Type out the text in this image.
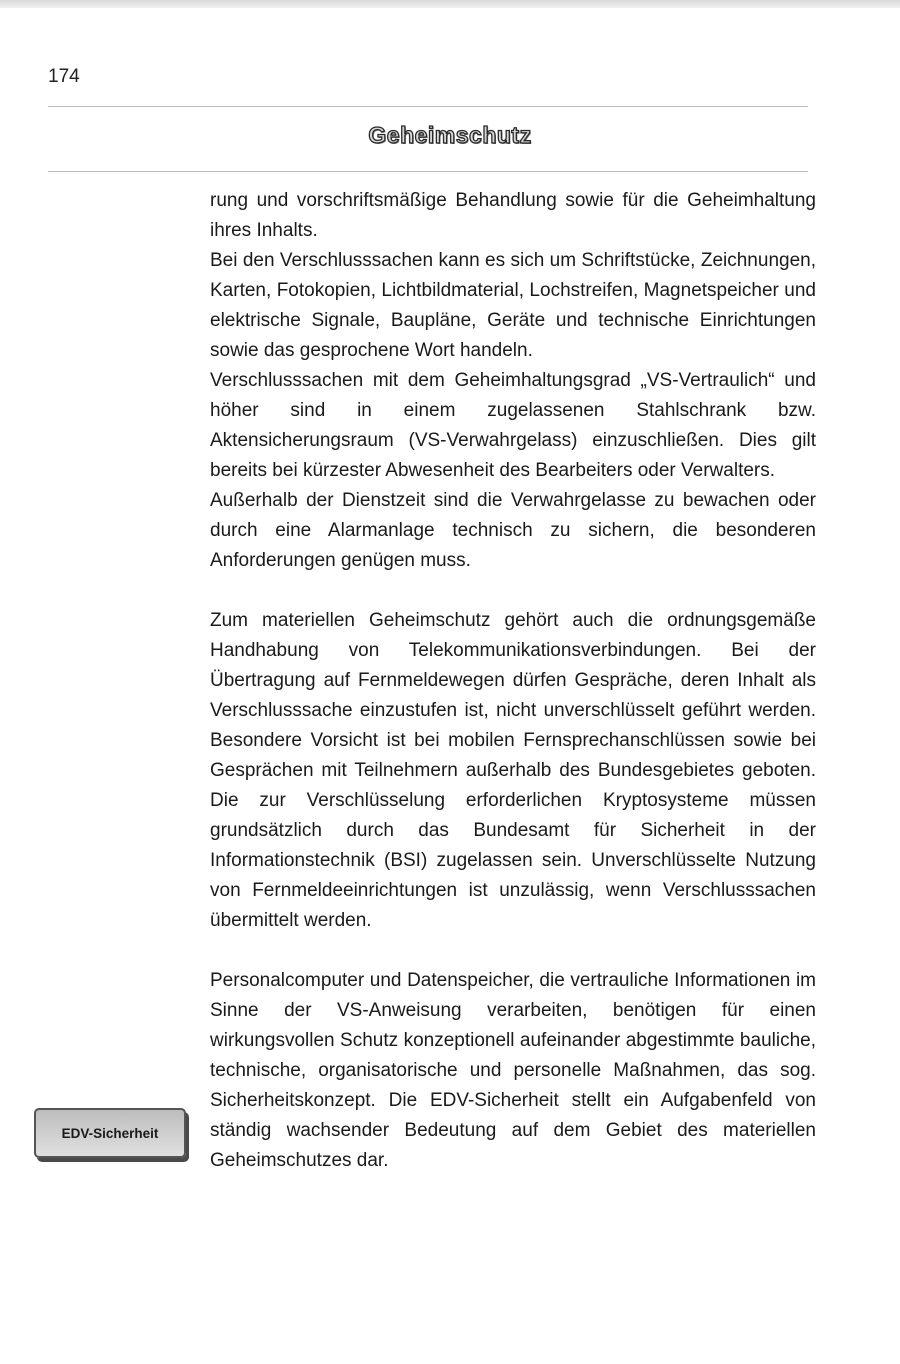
174
Geheimschutz

rung und vorschriftsmäßige Behandlung sowie für die Geheimhaltung ihres Inhalts.

Bei den Verschlusssachen kann es sich um Schriftstücke, Zeichnungen, Karten, Fotokopien, Lichtbildmaterial, Lochstreifen, Magnetspeicher und elektrische Signale, Baupläne, Geräte und technische Einrichtungen sowie das gesprochene Wort handeln.

Verschlusssachen mit dem Geheimhaltungsgrad „VS-Vertraulich“ und höher sind in einem zugelassenen Stahlschrank bzw. Aktensicherungsraum (VS-Verwahrgelass) einzuschließen. Dies gilt bereits bei kürzester Abwesenheit des Bearbeiters oder Verwalters.

Außerhalb der Dienstzeit sind die Verwahrgelasse zu bewachen oder durch eine Alarmanlage technisch zu sichern, die besonderen Anforderungen genügen muss.

Zum materiellen Geheimschutz gehört auch die ordnungsgemäße Handhabung von Telekommunikationsverbindungen. Bei der Übertragung auf Fernmeldewegen dürfen Gespräche, deren Inhalt als Verschlusssache einzustufen ist, nicht unverschlüsselt geführt werden. Besondere Vorsicht ist bei mobilen Fernsprechanschlüssen sowie bei Gesprächen mit Teilnehmern außerhalb des Bundesgebietes geboten. Die zur Verschlüsselung erforderlichen Kryptosysteme müssen grundsätzlich durch das Bundesamt für Sicherheit in der Informationstechnik (BSI) zugelassen sein. Unverschlüsselte Nutzung von Fernmeldeeinrichtungen ist unzulässig, wenn Verschlusssachen übermittelt werden.

Personalcomputer und Datenspeicher, die vertrauliche Informationen im Sinne der VS-Anweisung verarbeiten, benötigen für einen wirkungsvollen Schutz konzeptionell aufeinander abgestimmte bauliche, technische, organisatorische und personelle Maßnahmen, das sog. Sicherheitskonzept. Die EDV-Sicherheit stellt ein Aufgabenfeld von ständig wachsender Bedeutung auf dem Gebiet des materiellen Geheimschutzes dar.

EDV-Sicherheit
